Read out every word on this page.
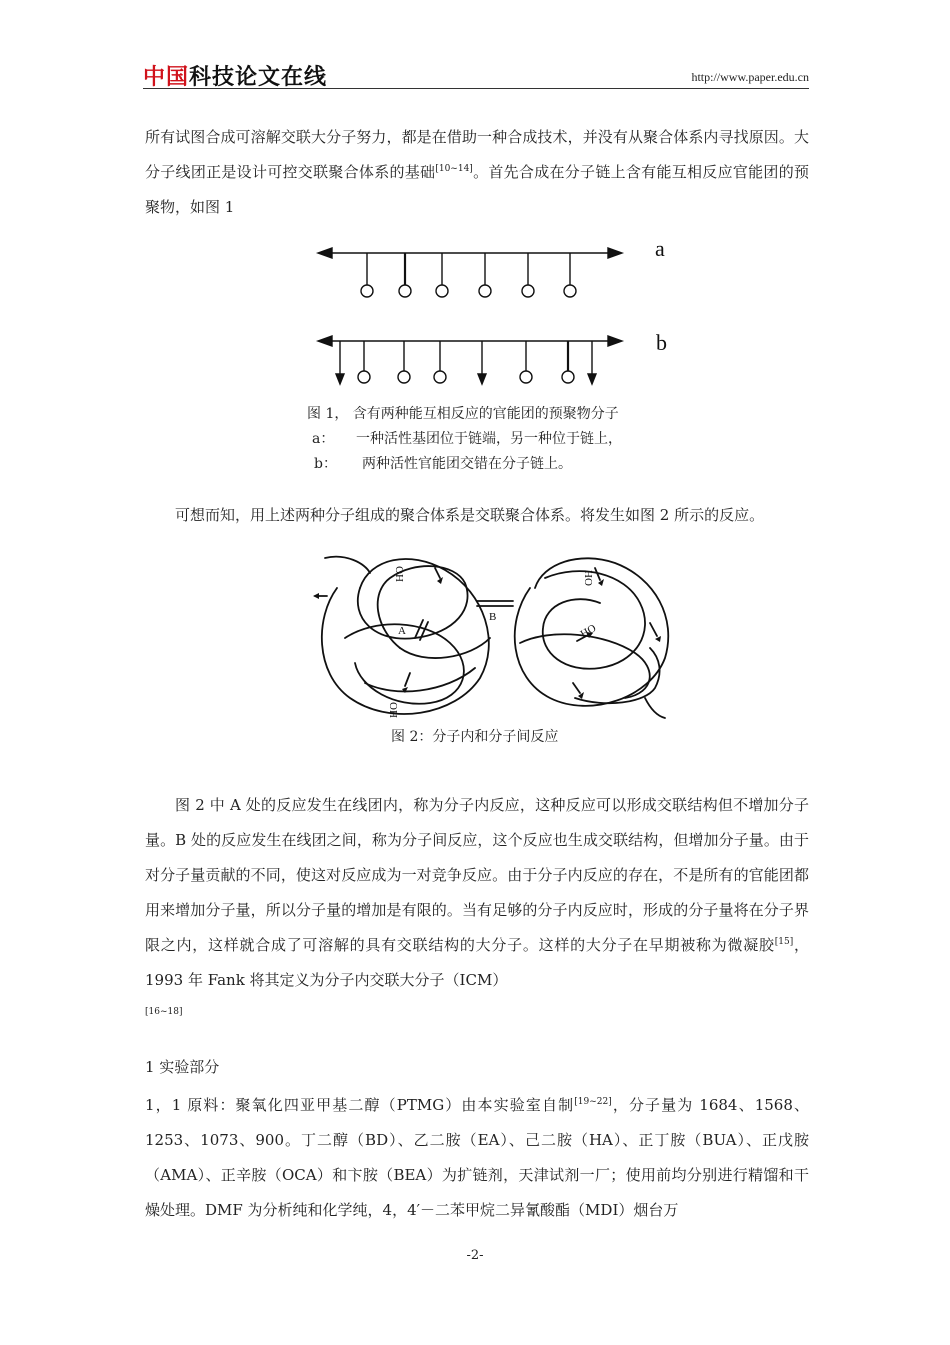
中国科技论文在线	http://www.paper.edu.cn
所有试图合成可溶解交联大分子努力，都是在借助一种合成技术，并没有从聚合体系内寻找原因。大分子线团正是设计可控交联聚合体系的基础[10~14]。首先合成在分子链上含有能互相反应官能团的预聚物，如图 1
a
b
图 1， 含有两种能互相反应的官能团的预聚物分子
a： 一种活性基团位于链端，另一种位于链上，
b： 两种活性官能团交错在分子链上。
可想而知，用上述两种分子组成的聚合体系是交联聚合体系。将发生如图 2 所示的反应。
A
B
HO
HO
HO
HO
图 2：分子内和分子间反应
图 2 中 A 处的反应发生在线团内，称为分子内反应，这种反应可以形成交联结构但不增加分子量。B 处的反应发生在线团之间，称为分子间反应，这个反应也生成交联结构，但增加分子量。由于对分子量贡献的不同，使这对反应成为一对竞争反应。由于分子内反应的存在，不是所有的官能团都用来增加分子量，所以分子量的增加是有限的。当有足够的分子内反应时，形成的分子量将在分子界限之内，这样就合成了可溶解的具有交联结构的大分子。这样的大分子在早期被称为微凝胶[15]，1993 年 Fank 将其定义为分子内交联大分子（ICM）
[16~18]
1 实验部分
1，1 原料：聚氧化四亚甲基二醇（PTMG）由本实验室自制[19~22]，分子量为 1684、1568、1253、1073、900。丁二醇（BD）、乙二胺（EA）、己二胺（HA）、正丁胺（BUA）、正戊胺（AMA）、正辛胺（OCA）和卞胺（BEA）为扩链剂，天津试剂一厂；使用前均分别进行精馏和干燥处理。DMF 为分析纯和化学纯，4，4′－二苯甲烷二异氰酸酯（MDI）烟台万
-2-
